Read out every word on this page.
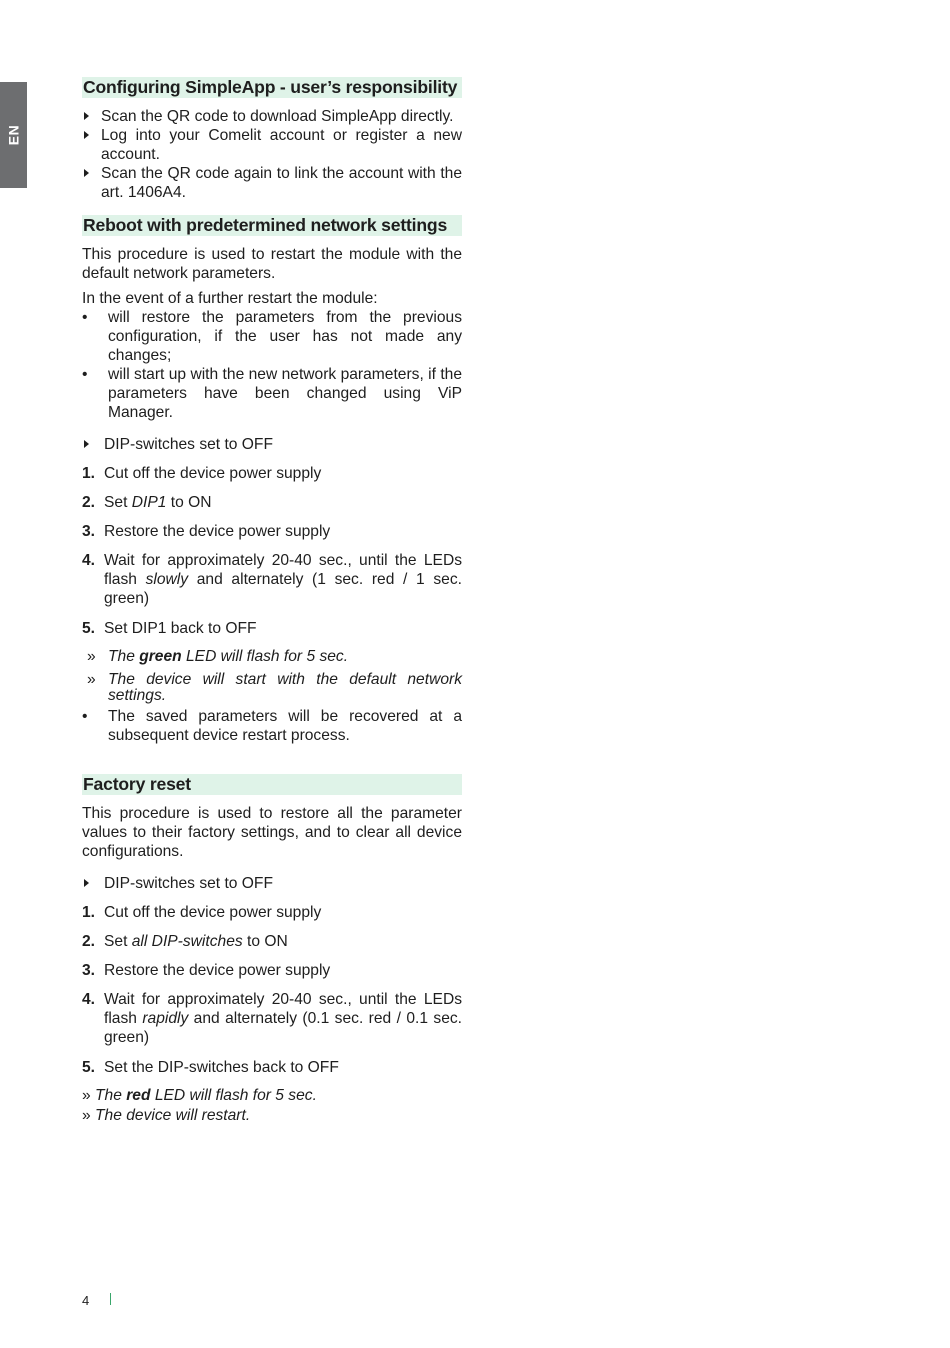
EN
Configuring SimpleApp - user’s responsibility
Scan the QR code to download SimpleApp directly.
Log into your Comelit account or register a new account.
Scan the QR code again to link the account with the art. 1406A4.
Reboot with predetermined network settings

This procedure is used to restart the module with the default network parameters.

In the event of a further restart the module:

• will restore the parameters from the previous configuration, if the user has not made any changes;
• will start up with the new network parameters, if the parameters have been changed using ViP Manager.
DIP-switches set to OFF
1. Cut off the device power supply
2. Set DIP1 to ON
3. Restore the device power supply
4. Wait for approximately 20-40 sec., until the LEDs flash slowly and alternately (1 sec. red / 1 sec. green)
5. Set DIP1 back to OFF
» The green LED will flash for 5 sec.
» The device will start with the default network settings.
• The saved parameters will be recovered at a subsequent device restart process.
Factory reset

This procedure is used to restore all the parameter values to their factory settings, and to clear all device configurations.

DIP-switches set to OFF
1. Cut off the device power supply
2. Set all DIP-switches to ON
3. Restore the device power supply
4. Wait for approximately 20-40 sec., until the LEDs flash rapidly and alternately (0.1 sec. red / 0.1 sec. green)
5. Set the DIP-switches back to OFF
» The red LED will flash for 5 sec.
» The device will restart.
4
